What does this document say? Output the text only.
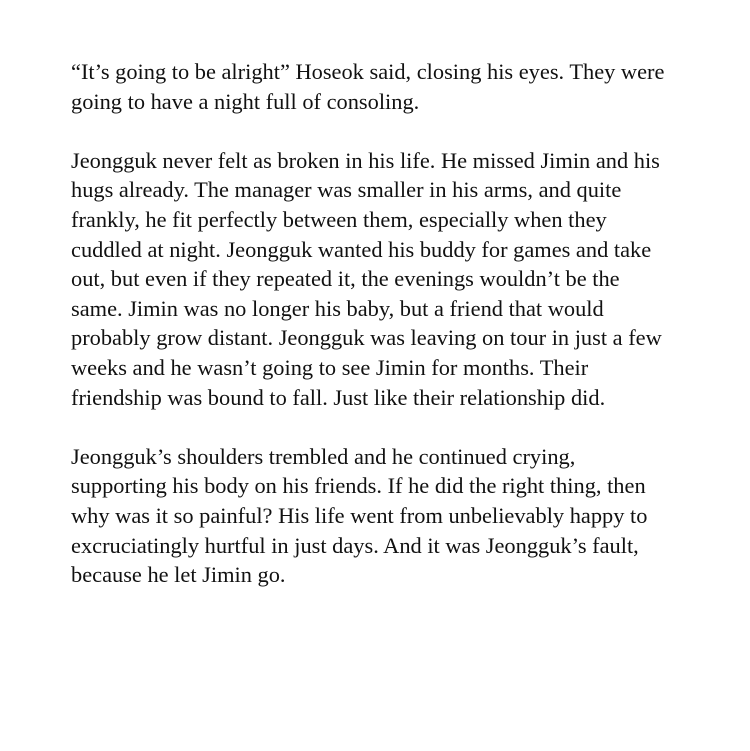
“It’s going to be alright” Hoseok said, closing his eyes. They were
going to have a night full of consoling.

Jeongguk never felt as broken in his life. He missed Jimin and his
hugs already. The manager was smaller in his arms, and quite
frankly, he fit perfectly between them, especially when they
cuddled at night. Jeongguk wanted his buddy for games and take
out, but even if they repeated it, the evenings wouldn’t be the
same. Jimin was no longer his baby, but a friend that would
probably grow distant. Jeongguk was leaving on tour in just a few
weeks and he wasn’t going to see Jimin for months. Their
friendship was bound to fall. Just like their relationship did.

Jeongguk’s shoulders trembled and he continued crying,
supporting his body on his friends. If he did the right thing, then
why was it so painful? His life went from unbelievably happy to
excruciatingly hurtful in just days. And it was Jeongguk’s fault,
because he let Jimin go.
